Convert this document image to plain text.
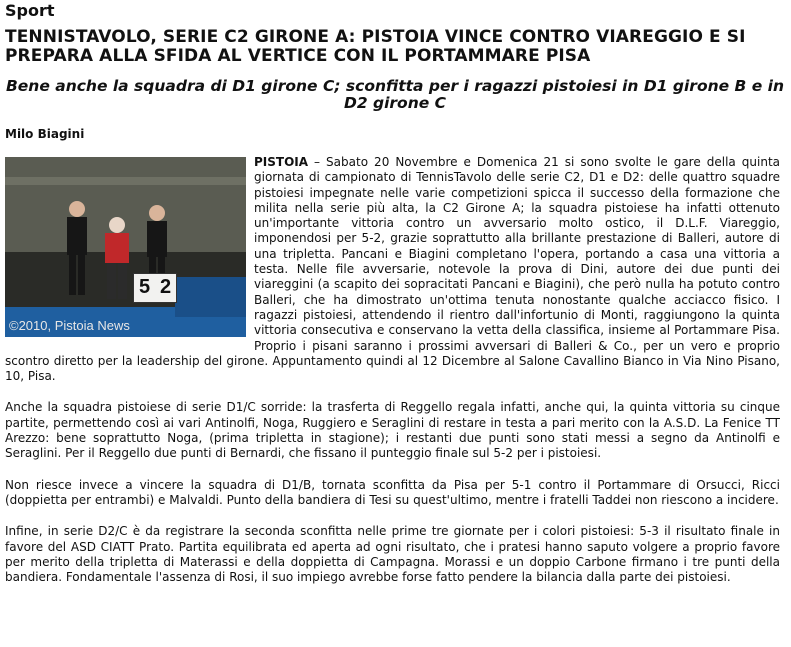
Sport
TENNISTAVOLO, SERIE C2 GIRONE A: PISTOIA VINCE CONTRO VIAREGGIO E SI PREPARA ALLA SFIDA AL VERTICE CON IL PORTAMMARE PISA
Bene anche la squadra di D1 girone C; sconfitta per i ragazzi pistoiesi in D1 girone B e in D2 girone C
Milo Biagini

5 2
©2010, Pistoia News
PISTOIA – Sabato 20 Novembre e Domenica 21 si sono svolte le gare della quinta giornata di campionato di TennisTavolo delle serie C2, D1 e D2: delle quattro squadre pistoiesi impegnate nelle varie competizioni spicca il successo della formazione che milita nella serie più alta, la C2 Girone A; la squadra pistoiese ha infatti ottenuto un'importante vittoria contro un avversario molto ostico, il D.L.F. Viareggio, imponendosi per 5-2, grazie soprattutto alla brillante prestazione di Balleri, autore di una tripletta. Pancani e Biagini completano l'opera, portando a casa una vittoria a testa. Nelle file avversarie, notevole la prova di Dini, autore dei due punti dei viareggini (a scapito dei sopracitati Pancani e Biagini), che però nulla ha potuto contro Balleri, che ha dimostrato un'ottima tenuta nonostante qualche acciacco fisico. I ragazzi pistoiesi, attendendo il rientro dall'infortunio di Monti, raggiungono la quinta vittoria consecutiva e conservano la vetta della classifica, insieme al Portammare Pisa. Proprio i pisani saranno i prossimi avversari di Balleri & Co., per un vero e proprio scontro diretto per la leadership del girone. Appuntamento quindi al 12 Dicembre al Salone Cavallino Bianco in Via Nino Pisano, 10, Pisa.

Anche la squadra pistoiese di serie D1/C sorride: la trasferta di Reggello regala infatti, anche qui, la quinta vittoria su cinque partite, permettendo così ai vari Antinolfi, Noga, Ruggiero e Seraglini di restare in testa a pari merito con la A.S.D. La Fenice TT Arezzo: bene soprattutto Noga, (prima tripletta in stagione); i restanti due punti sono stati messi a segno da Antinolfi e Seraglini. Per il Reggello due punti di Bernardi, che fissano il punteggio finale sul 5-2 per i pistoiesi.

Non riesce invece a vincere la squadra di D1/B, tornata sconfitta da Pisa per 5-1 contro il Portammare di Orsucci, Ricci (doppietta per entrambi) e Malvaldi. Punto della bandiera di Tesi su quest'ultimo, mentre i fratelli Taddei non riescono a incidere.

Infine, in serie D2/C è da registrare la seconda sconfitta nelle prime tre giornate per i colori pistoiesi: 5-3 il risultato finale in favore del ASD CIATT Prato. Partita equilibrata ed aperta ad ogni risultato, che i pratesi hanno saputo volgere a proprio favore per merito della tripletta di Materassi e della doppietta di Campagna. Morassi e un doppio Carbone firmano i tre punti della bandiera. Fondamentale l'assenza di Rosi, il suo impiego avrebbe forse fatto pendere la bilancia dalla parte dei pistoiesi.
